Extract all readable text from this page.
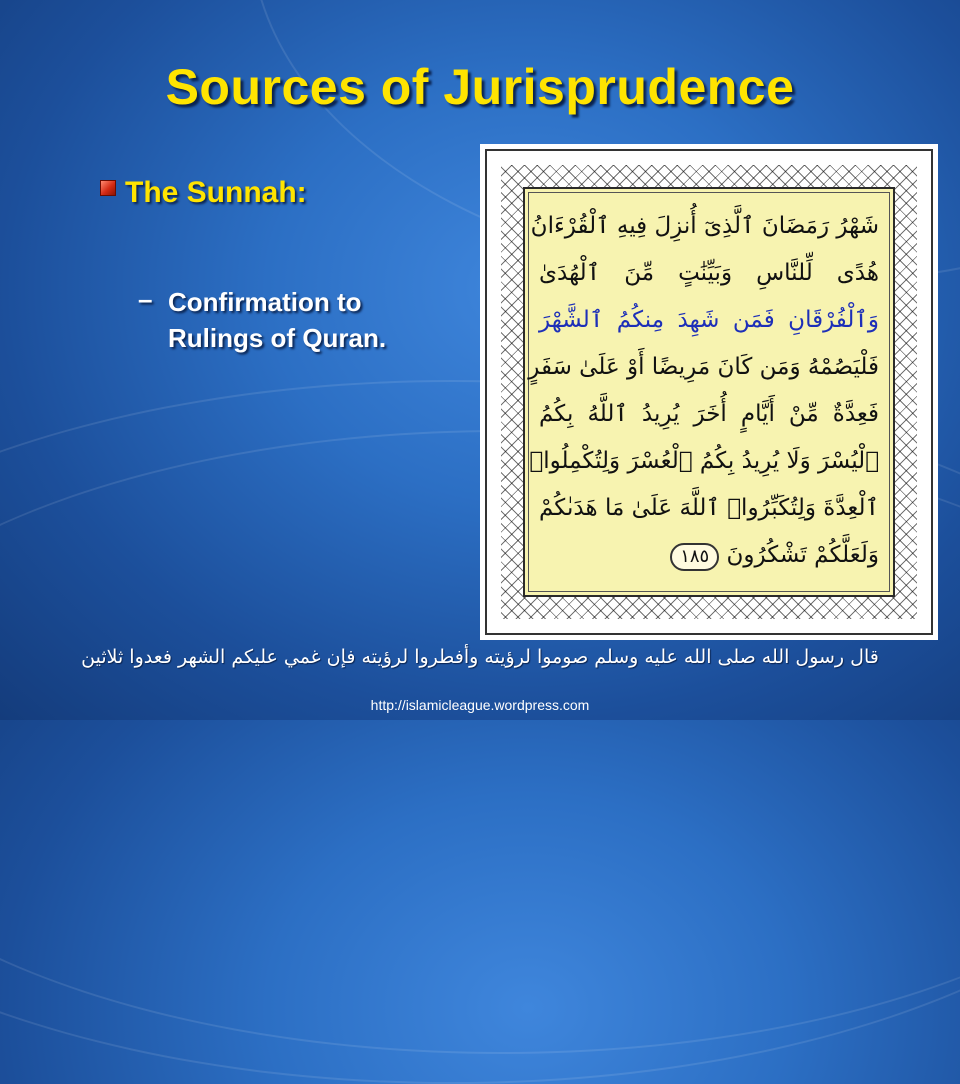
Sources of Jurisprudence
The Sunnah:
– Confirmation to Rulings of Quran.
شَهْرُ رَمَضَانَ ٱلَّذِىٓ أُنزِلَ فِيهِ ٱلْقُرْءَانُ
هُدًى لِّلنَّاسِ وَبَيِّنَٰتٍ مِّنَ ٱلْهُدَىٰ
وَٱلْفُرْقَانِ فَمَن شَهِدَ مِنكُمُ ٱلشَّهْرَ
فَلْيَصُمْهُ وَمَن كَانَ مَرِيضًا أَوْ عَلَىٰ سَفَرٍ
فَعِدَّةٌ مِّنْ أَيَّامٍ أُخَرَ يُرِيدُ ٱللَّهُ بِكُمُ
ٱلْيُسْرَ وَلَا يُرِيدُ بِكُمُ ٱلْعُسْرَ وَلِتُكْمِلُوا۟
ٱلْعِدَّةَ وَلِتُكَبِّرُوا۟ ٱللَّهَ عَلَىٰ مَا هَدَىٰكُمْ
وَلَعَلَّكُمْ تَشْكُرُونَ ١٨٥
قال رسول الله صلى الله عليه وسلم صوموا لرؤيته وأفطروا لرؤيته فإن غمي عليكم الشهر فعدوا ثلاثين
http://islamicleague.wordpress.com
